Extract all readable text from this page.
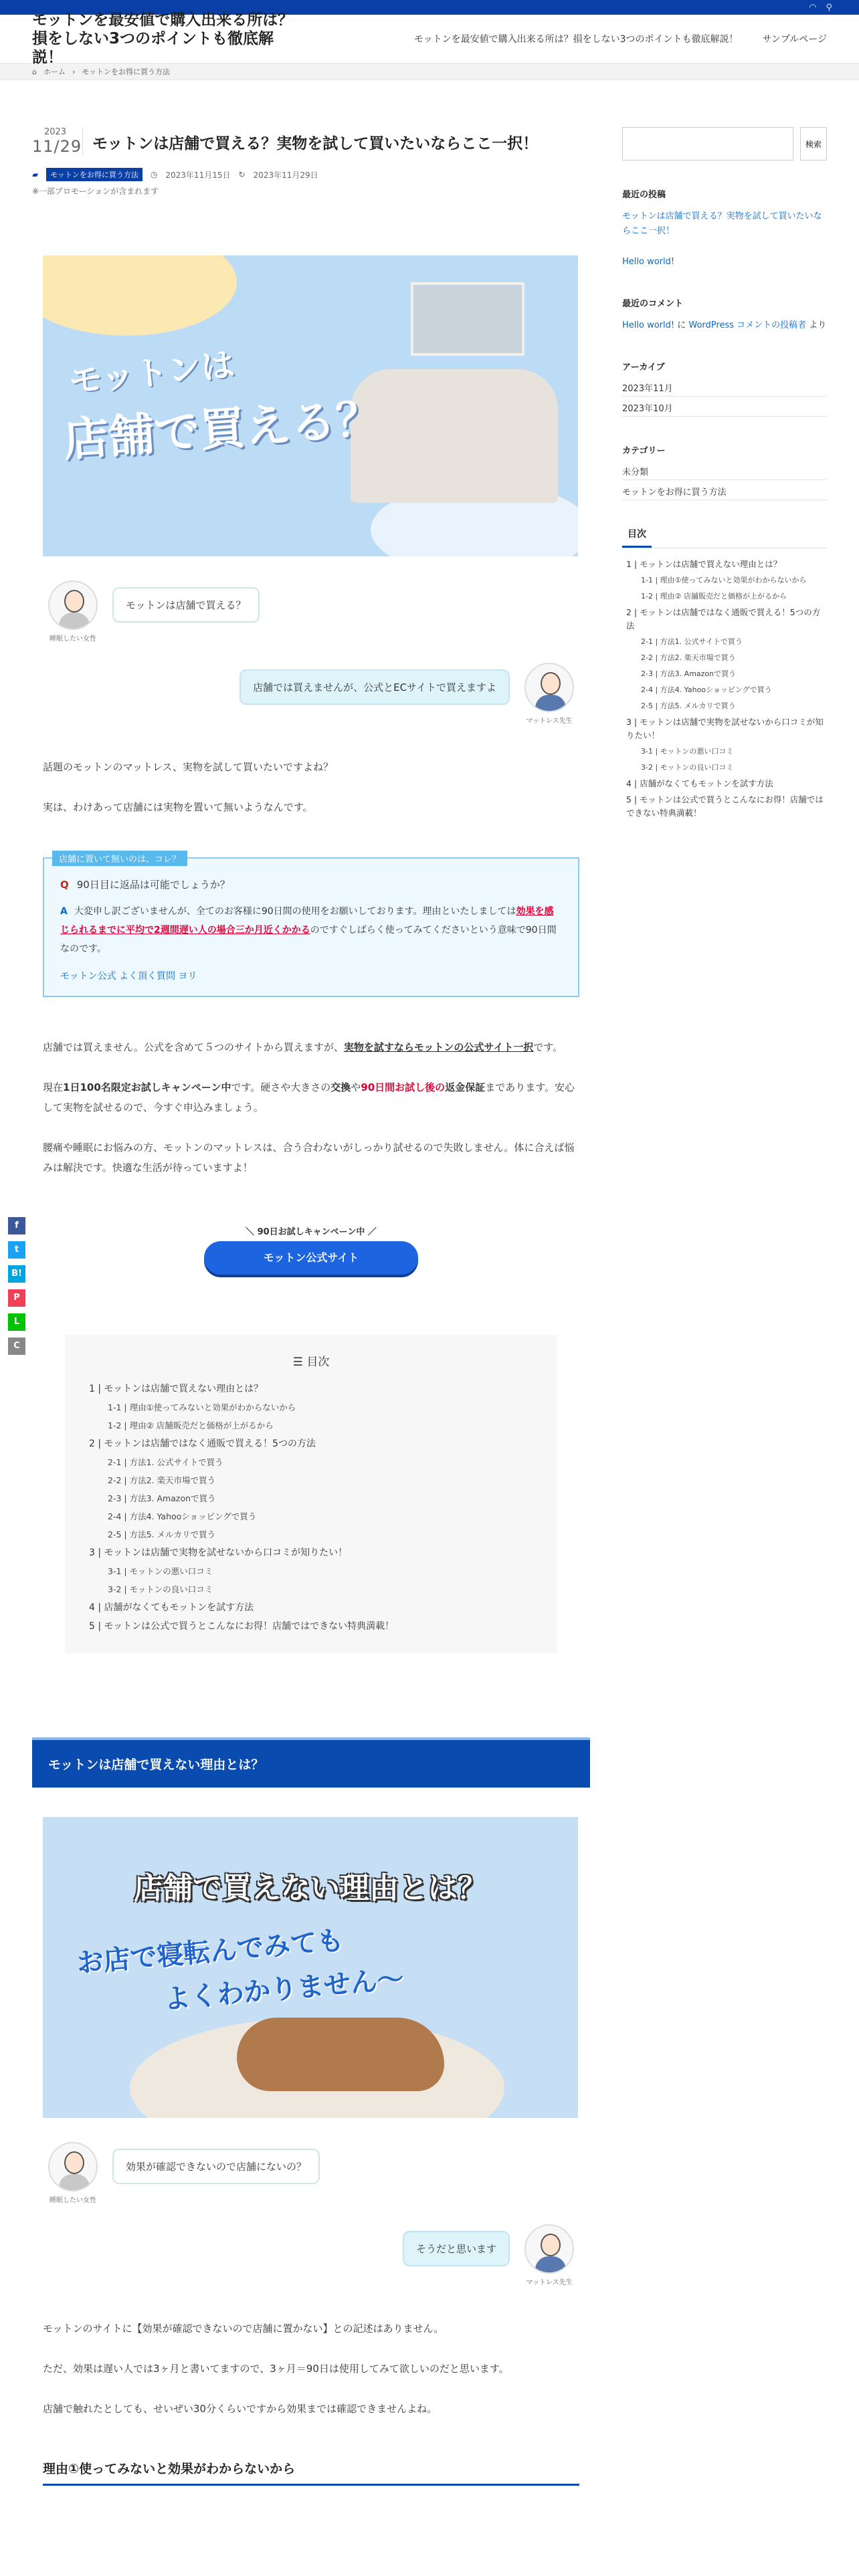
◠ ⚲
モットンを最安値で購入出来る所は？損をしない3つのポイントも徹底解説！
モットンを最安値で購入出来る所は？損をしない3つのポイントも徹底解説！	サンプルページ
⌂ ホーム › モットンをお得に買う方法
f
t
B!
P
L
C
2023
11/29 モットンは店舗で買える？実物を試して買いたいならここ一択！
▰	モットンをお得に買う方法	◷ 2023年11月15日 ↻ 2023年11月29日
※一部プロモーションが含まれます
モットンは
店舗で買える？
睡眠したい女性
モットンは店舗で買える？
マットレス先生
店舗では買えませんが、公式とECサイトで買えますよ

話題のモットンのマットレス、実物を試して買いたいですよね？

実は、わけあって店舗には実物を置いて無いようなんです。

店舗に置いて無いのは、コレ？
Q 90日目に返品は可能でしょうか？
A 大変申し訳ございませんが、全てのお客様に90日間の使用をお願いしております。理由といたしましては効果を感じられるまでに平均で2週間遅い人の場合三か月近くかかるのですぐしばらく使ってみてくださいという意味で90日間なのです。
モットン公式 よく頂く質問 ヨリ

店舗では買えません。公式を含めて５つのサイトから買えますが、実物を試すならモットンの公式サイト一択です。

現在1日100名限定お試しキャンペーン中です。硬さや大きさの交換や90日間お試し後の返金保証まであります。安心して実物を試せるので、今すぐ申込みましょう。

腰痛や睡眠にお悩みの方、モットンのマットレスは、合う合わないがしっかり試せるので失敗しません。体に合えば悩みは解決です。快適な生活が待っていますよ！

＼ 90日お試しキャンペーン中 ／
モットン公式サイト
☰ 目次
1 | モットンは店舗で買えない理由とは？
1-1 | 理由①使ってみないと効果がわからないから
1-2 | 理由② 店舗販売だと価格が上がるから
2 | モットンは店舗ではなく通販で買える！5つの方法
2-1 | 方法1. 公式サイトで買う
2-2 | 方法2. 楽天市場で買う
2-3 | 方法3. Amazonで買う
2-4 | 方法4. Yahooショッピングで買う
2-5 | 方法5. メルカリで買う
3 | モットンは店舗で実物を試せないから口コミが知りたい！
3-1 | モットンの悪い口コミ
3-2 | モットンの良い口コミ
4 | 店舗がなくてもモットンを試す方法
5 | モットンは公式で買うとこんなにお得！店舗ではできない特典満載！
モットンは店舗で買えない理由とは？
店舗で買えない理由とは？
お店で寝転んでみても
よくわかりません〜
睡眠したい女性
効果が確認できないので店舗にないの？
マットレス先生
そうだと思います

モットンのサイトに【効果が確認できないので店舗に置かない】との記述はありません。

ただ、効果は遅い人では3ヶ月と書いてますので、3ヶ月＝90日は使用してみて欲しいのだと思います。

店舗で触れたとしても、せいぜい30分くらいですから効果までは確認できませんよね。

理由①使ってみないと効果がわからないから
検索
最近の投稿
モットンは店舗で買える？実物を試して買いたいならここ一択！
Hello world!
最近のコメント
Hello world! に WordPress コメントの投稿者 より
アーカイブ
2023年11月
2023年10月
カテゴリー
未分類
モットンをお得に買う方法
目次
1 | モットンは店舗で買えない理由とは？
1-1 | 理由①使ってみないと効果がわからないから
1-2 | 理由② 店舗販売だと価格が上がるから
2 | モットンは店舗ではなく通販で買える！5つの方法
2-1 | 方法1. 公式サイトで買う
2-2 | 方法2. 楽天市場で買う
2-3 | 方法3. Amazonで買う
2-4 | 方法4. Yahooショッピングで買う
2-5 | 方法5. メルカリで買う
3 | モットンは店舗で実物を試せないから口コミが知りたい！
3-1 | モットンの悪い口コミ
3-2 | モットンの良い口コミ
4 | 店舗がなくてもモットンを試す方法
5 | モットンは公式で買うとこんなにお得！店舗ではできない特典満載！
